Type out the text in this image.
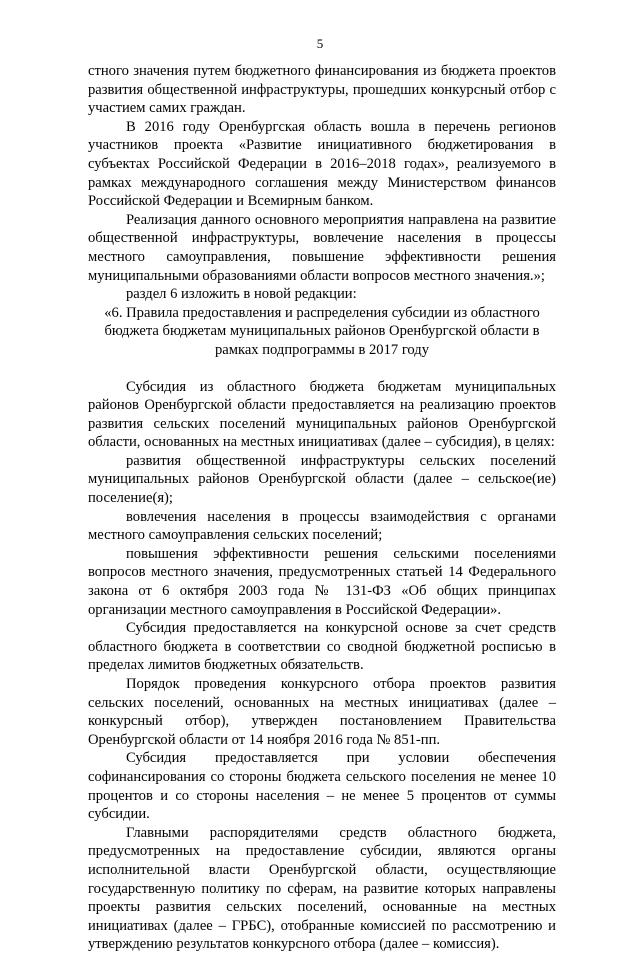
5

стного значения путем бюджетного финансирования из бюджета проектов развития общественной инфраструктуры, прошедших конкурсный отбор с участием самих граждан.

В 2016 году Оренбургская область вошла в перечень регионов участников проекта «Развитие инициативного бюджетирования в субъектах Российской Федерации в 2016–2018 годах», реализуемого в рамках международного соглашения между Министерством финансов Российской Федерации и Всемирным банком.

Реализация данного основного мероприятия направлена на развитие общественной инфраструктуры, вовлечение населения в процессы местного самоуправления, повышение эффективности решения муниципальными образованиями области вопросов местного значения.»;

раздел 6 изложить в новой редакции:

«6. Правила предоставления и распределения субсидии из областного бюджета бюджетам муниципальных районов Оренбургской области в рамках подпрограммы в 2017 году

Субсидия из областного бюджета бюджетам муниципальных районов Оренбургской области предоставляется на реализацию проектов развития сельских поселений муниципальных районов Оренбургской области, основанных на местных инициативах (далее – субсидия), в целях:

развития общественной инфраструктуры сельских поселений муниципальных районов Оренбургской области (далее – сельское(ие) поселение(я);

вовлечения населения в процессы взаимодействия с органами местного самоуправления сельских поселений;

повышения эффективности решения сельскими поселениями вопросов местного значения, предусмотренных статьей 14 Федерального закона от 6 октября 2003 года № 131-ФЗ «Об общих принципах организации местного самоуправления в Российской Федерации».

Субсидия предоставляется на конкурсной основе за счет средств областного бюджета в соответствии со сводной бюджетной росписью в пределах лимитов бюджетных обязательств.

Порядок проведения конкурсного отбора проектов развития сельских поселений, основанных на местных инициативах (далее – конкурсный отбор), утвержден постановлением Правительства Оренбургской области от 14 ноября 2016 года № 851-пп.

Субсидия предоставляется при условии обеспечения софинансирования со стороны бюджета сельского поселения не менее 10 процентов и со стороны населения – не менее 5 процентов от суммы субсидии.

Главными распорядителями средств областного бюджета, предусмотренных на предоставление субсидии, являются органы исполнительной власти Оренбургской области, осуществляющие государственную политику по сферам, на развитие которых направлены проекты развития сельских поселений, основанные на местных инициативах (далее – ГРБС), отобранные комиссией по рассмотрению и утверждению результатов конкурсного отбора (далее – комиссия).
